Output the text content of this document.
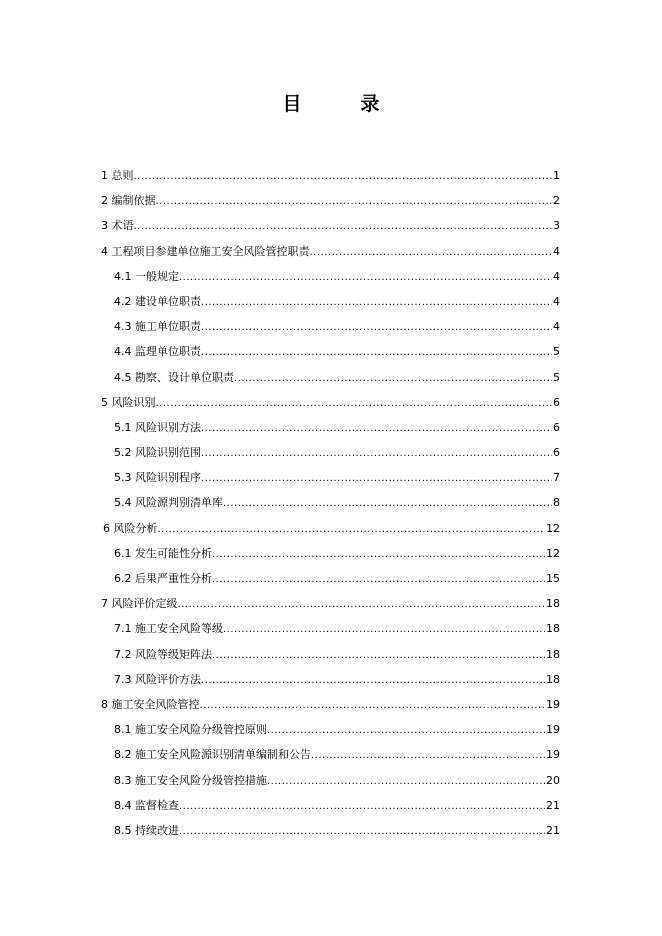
目　录
1 总则 .....	1
2 编制依据 .....	2
3 术语 .....	3
4 工程项目参建单位施工安全风险管控职责 .....	4
4.1 一般规定 .....	4
4.2 建设单位职责 .....	4
4.3 施工单位职责 .....	4
4.4 监理单位职责 .....	5
4.5 勘察、设计单位职责 .....	5
5 风险识别 .....	6
5.1 风险识别方法 .....	6
5.2 风险识别范围 .....	6
5.3 风险识别程序 .....	7
5.4 风险源判别清单库 .....	8
6 风险分析 .....	12
6.1 发生可能性分析 .....	12
6.2 后果严重性分析 .....	15
7 风险评价定级 .....	18
7.1 施工安全风险等级 .....	18
7.2 风险等级矩阵法 .....	18
7.3 风险评价方法 .....	18
8 施工安全风险管控 .....	19
8.1 施工安全风险分级管控原则 .....	19
8.2 施工安全风险源识别清单编制和公告 .....	19
8.3 施工安全风险分级管控措施 .....	20
8.4 监督检查 .....	21
8.5 持续改进 .....	21
